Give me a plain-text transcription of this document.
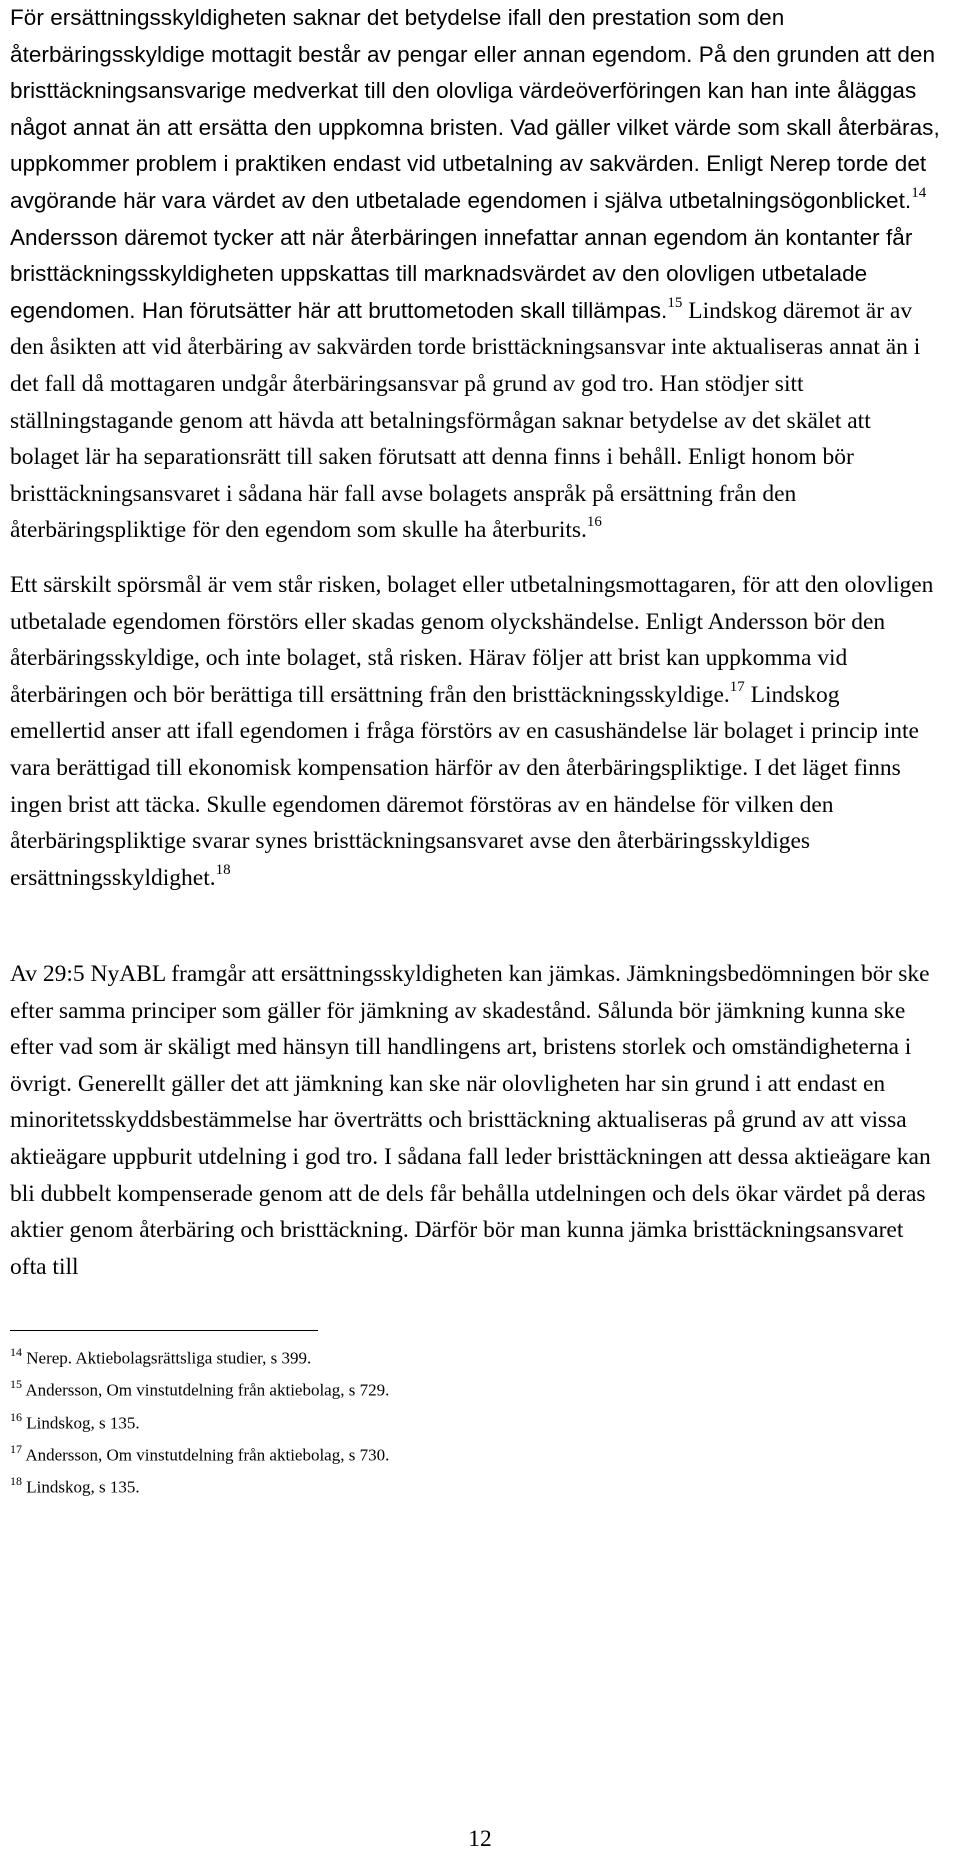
För ersättningsskyldigheten saknar det betydelse ifall den prestation som den återbäringsskyldige mottagit består av pengar eller annan egendom. På den grunden att den bristtäckningsansvarige medverkat till den olovliga värdeöverföringen kan han inte åläggas något annat än att ersätta den uppkomna bristen. Vad gäller vilket värde som skall återbäras, uppkommer problem i praktiken endast vid utbetalning av sakvärden. Enligt Nerep torde det avgörande här vara värdet av den utbetalade egendomen i själva utbetalningsögonblicket.$^{14}$ Andersson däremot tycker att när återbäringen innefattar annan egendom än kontanter får bristtäckningsskyldigheten uppskattas till marknadsvärdet av den olovligen utbetalade egendomen. Han förutsätter här att bruttometoden skall tillämpas.$^{15}$ Lindskog däremot är av den åsikten att vid återbäring av sakvärden torde bristtäckningsansvar inte aktualiseras annat än i det fall då mottagaren undgår återbäringsansvar på grund av god tro. Han stödjer sitt ställningstagande genom att hävda att betalningsförmågan saknar betydelse av det skälet att bolaget lär ha separationsrätt till saken förutsatt att denna finns i behåll. Enligt honom bör bristtäckningsansvaret i sådana här fall avse bolagets anspråk på ersättning från den återbäringspliktige för den egendom som skulle ha återburits.$^{16}$

Ett särskilt spörsmål är vem står risken, bolaget eller utbetalningsmottagaren, för att den olovligen utbetalade egendomen förstörs eller skadas genom olyckshändelse. Enligt Andersson bör den återbäringsskyldige, och inte bolaget, stå risken. Härav följer att brist kan uppkomma vid återbäringen och bör berättiga till ersättning från den bristtäckningsskyldige.$^{17}$ Lindskog emellertid anser att ifall egendomen i fråga förstörs av en casushändelse lär bolaget i princip inte vara berättigad till ekonomisk kompensation härför av den återbäringspliktige. I det läget finns ingen brist att täcka. Skulle egendomen däremot förstöras av en händelse för vilken den återbäringspliktige svarar synes bristtäckningsansvaret avse den återbäringsskyldiges ersättningsskyldighet.$^{18}$

Av 29:5 NyABL framgår att ersättningsskyldigheten kan jämkas. Jämkningsbedömningen bör ske efter samma principer som gäller för jämkning av skadestånd. Sålunda bör jämkning kunna ske efter vad som är skäligt med hänsyn till handlingens art, bristens storlek och omständigheterna i övrigt. Generellt gäller det att jämkning kan ske när olovligheten har sin grund i att endast en minoritetsskyddsbestämmelse har överträtts och bristtäckning aktualiseras på grund av att vissa aktieägare uppburit utdelning i god tro. I sådana fall leder bristtäckningen att dessa aktieägare kan bli dubbelt kompenserade genom att de dels får behålla utdelningen och dels ökar värdet på deras aktier genom återbäring och bristtäckning. Därför bör man kunna jämka bristtäckningsansvaret ofta till

$^{14}$ Nerep. Aktiebolagsrättsliga studier, s 399.
$^{15}$ Andersson, Om vinstutdelning från aktiebolag, s 729.
$^{16}$ Lindskog, s 135.
$^{17}$ Andersson, Om vinstutdelning från aktiebolag, s 730.
$^{18}$ Lindskog, s 135.
12
